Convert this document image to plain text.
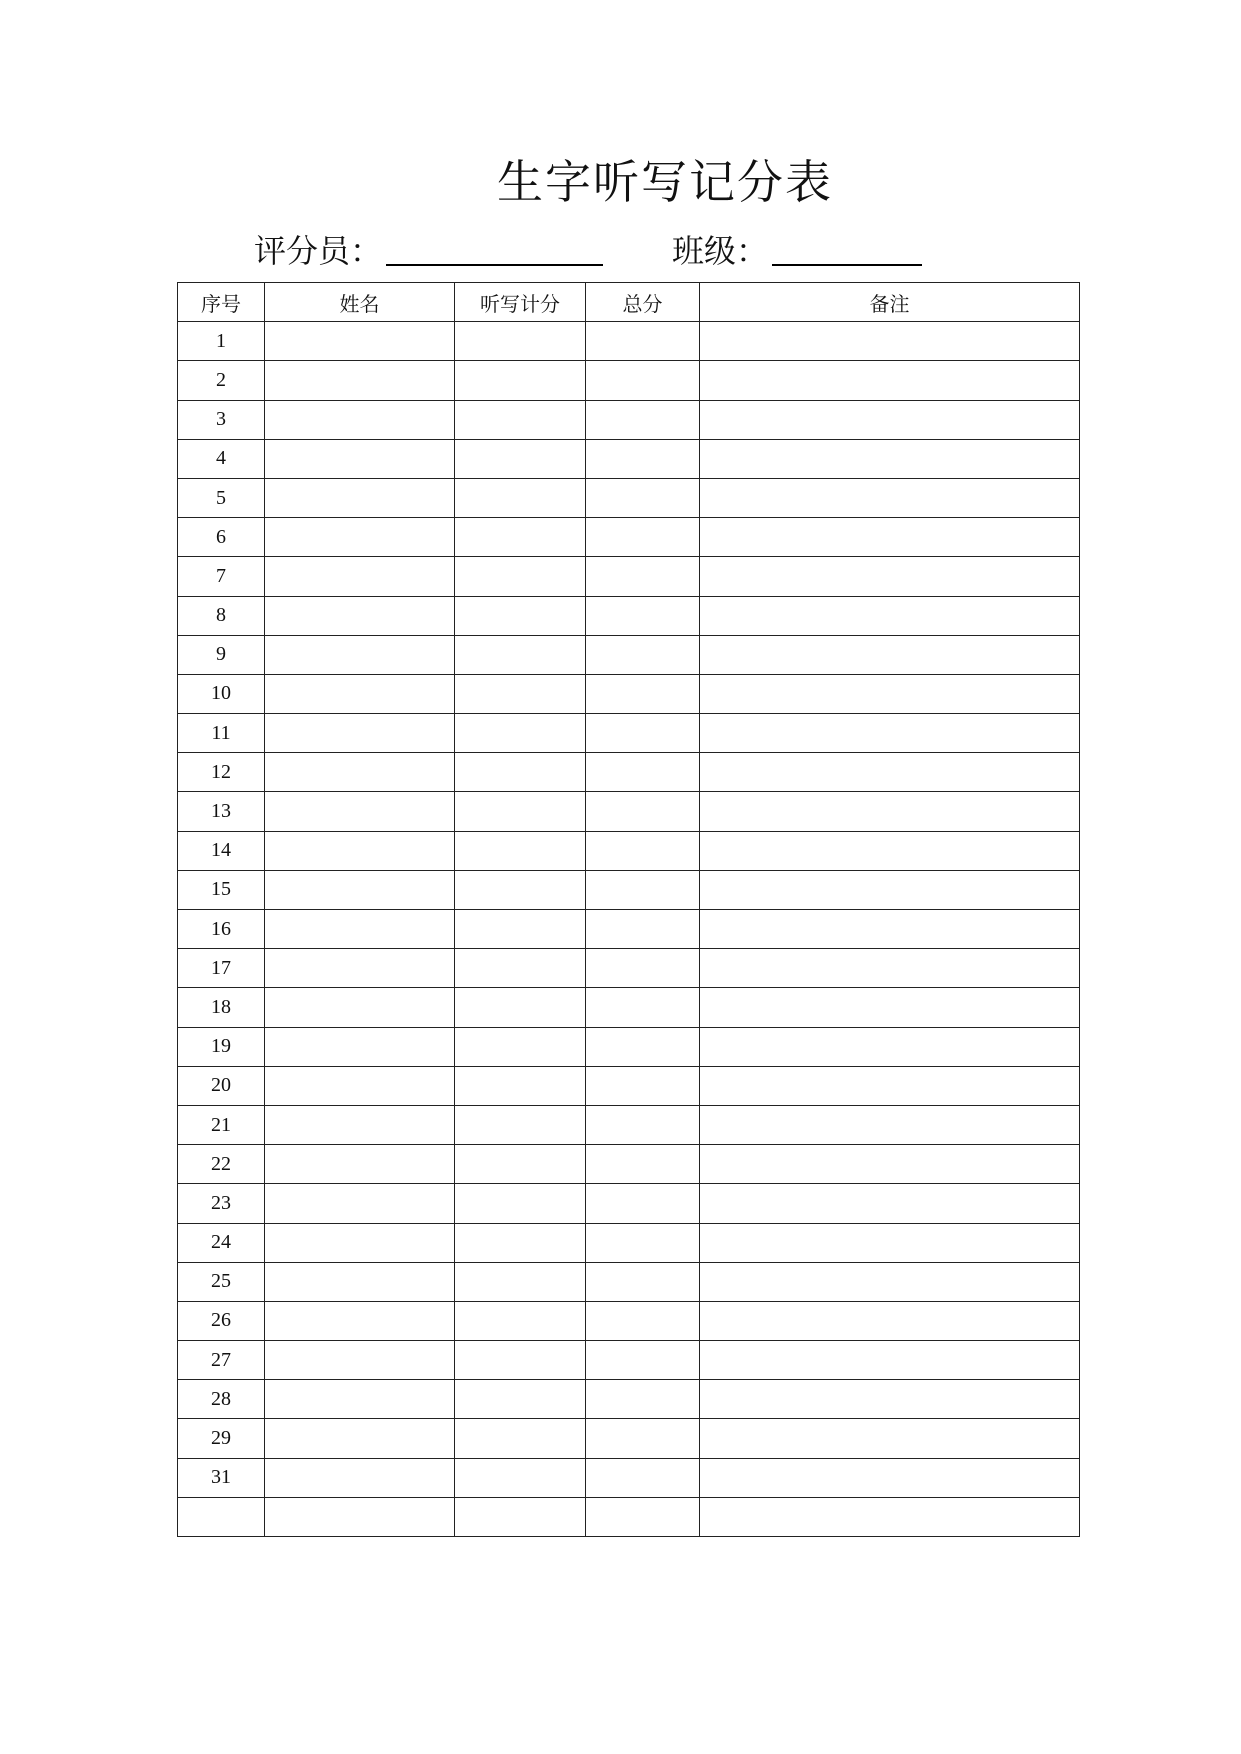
生字听写记分表
评分员：	班级：
序号	姓名	听写计分	总分	备注
1				
2				
3				
4				
5				
6				
7				
8				
9				
10				
11				
12				
13				
14				
15				
16				
17				
18				
19				
20				
21				
22				
23				
24				
25				
26				
27				
28				
29				
31				
